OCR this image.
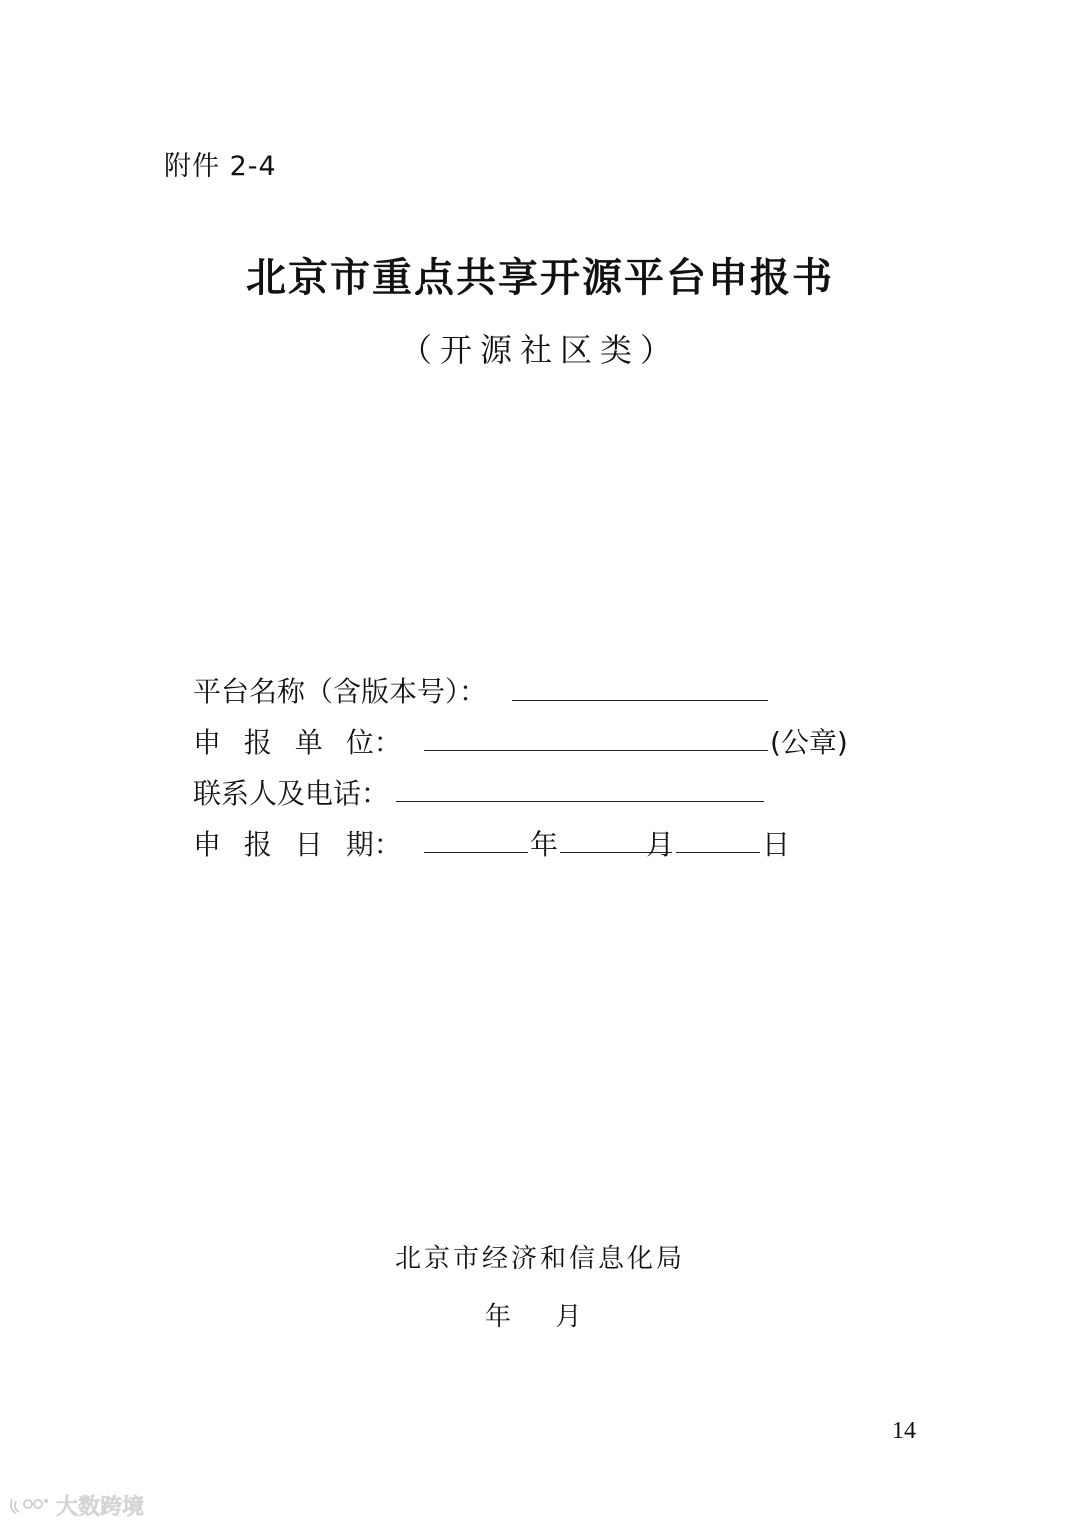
附件 2-4
北京市重点共享开源平台申报书
（开源社区类）
平台名称（含版本号）：
申 报 单 位：	(公章)
联系人及电话：
申 报 日 期：	年	月	日
北京市经济和信息化局
年 月
14
大数跨境
